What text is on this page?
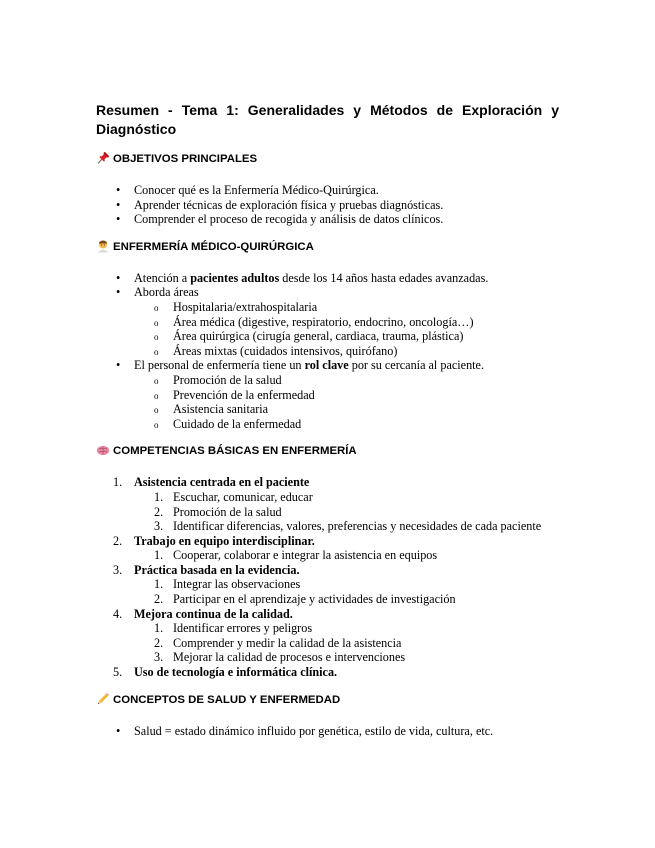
Resumen - Tema 1: Generalidades y Métodos de Exploración y Diagnóstico
OBJETIVOS PRINCIPALES
• Conocer qué es la Enfermería Médico-Quirúrgica.
• Aprender técnicas de exploración física y pruebas diagnósticas.
• Comprender el proceso de recogida y análisis de datos clínicos.
ENFERMERÍA MÉDICO-QUIRÚRGICA
• Atención a pacientes adultos desde los 14 años hasta edades avanzadas.
• Aborda áreas
o Hospitalaria/extrahospitalaria
o Área médica (digestive, respiratorio, endocrino, oncología…)
o Área quirúrgica (cirugía general, cardiaca, trauma, plástica)
o Áreas mixtas (cuidados intensivos, quirófano)
• El personal de enfermería tiene un rol clave por su cercanía al paciente.
o Promoción de la salud
o Prevención de la enfermedad
o Asistencia sanitaria
o Cuidado de la enfermedad
COMPETENCIAS BÁSICAS EN ENFERMERÍA
1. Asistencia centrada en el paciente
1. Escuchar, comunicar, educar
2. Promoción de la salud
3. Identificar diferencias, valores, preferencias y necesidades de cada paciente
2. Trabajo en equipo interdisciplinar.
1. Cooperar, colaborar e integrar la asistencia en equipos
3. Práctica basada en la evidencia.
1. Integrar las observaciones
2. Participar en el aprendizaje y actividades de investigación
4. Mejora continua de la calidad.
1. Identificar errores y peligros
2. Comprender y medir la calidad de la asistencia
3. Mejorar la calidad de procesos e intervenciones
5. Uso de tecnología e informática clínica.
CONCEPTOS DE SALUD Y ENFERMEDAD
• Salud = estado dinámico influido por genética, estilo de vida, cultura, etc.
